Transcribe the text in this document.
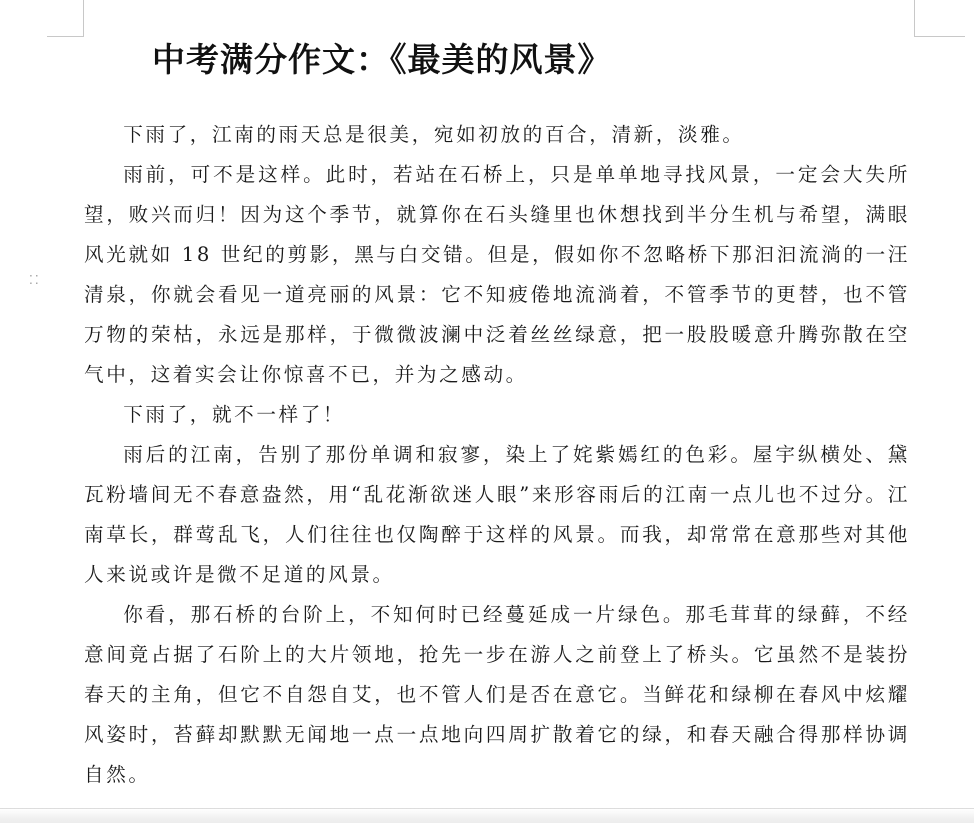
中考满分作文：《最美的风景》
⁚⁚

下雨了，江南的雨天总是很美，宛如初放的百合，清新，淡雅。

雨前，可不是这样。此时，若站在石桥上，只是单单地寻找风景，一定会大失所望，败兴而归！因为这个季节，就算你在石头缝里也休想找到半分生机与希望，满眼风光就如 18 世纪的剪影，黑与白交错。但是，假如你不忽略桥下那汩汩流淌的一汪清泉，你就会看见一道亮丽的风景：它不知疲倦地流淌着，不管季节的更替，也不管万物的荣枯，永远是那样，于微微波澜中泛着丝丝绿意，把一股股暖意升腾弥散在空气中，这着实会让你惊喜不已，并为之感动。

下雨了，就不一样了！

雨后的江南，告别了那份单调和寂寥，染上了姹紫嫣红的色彩。屋宇纵横处、黛瓦粉墙间无不春意盎然，用“乱花渐欲迷人眼”来形容雨后的江南一点儿也不过分。江南草长，群莺乱飞，人们往往也仅陶醉于这样的风景。而我，却常常在意那些对其他人来说或许是微不足道的风景。

你看，那石桥的台阶上，不知何时已经蔓延成一片绿色。那毛茸茸的绿藓，不经意间竟占据了石阶上的大片领地，抢先一步在游人之前登上了桥头。它虽然不是装扮春天的主角，但它不自怨自艾，也不管人们是否在意它。当鲜花和绿柳在春风中炫耀风姿时，苔藓却默默无闻地一点一点地向四周扩散着它的绿，和春天融合得那样协调自然。
